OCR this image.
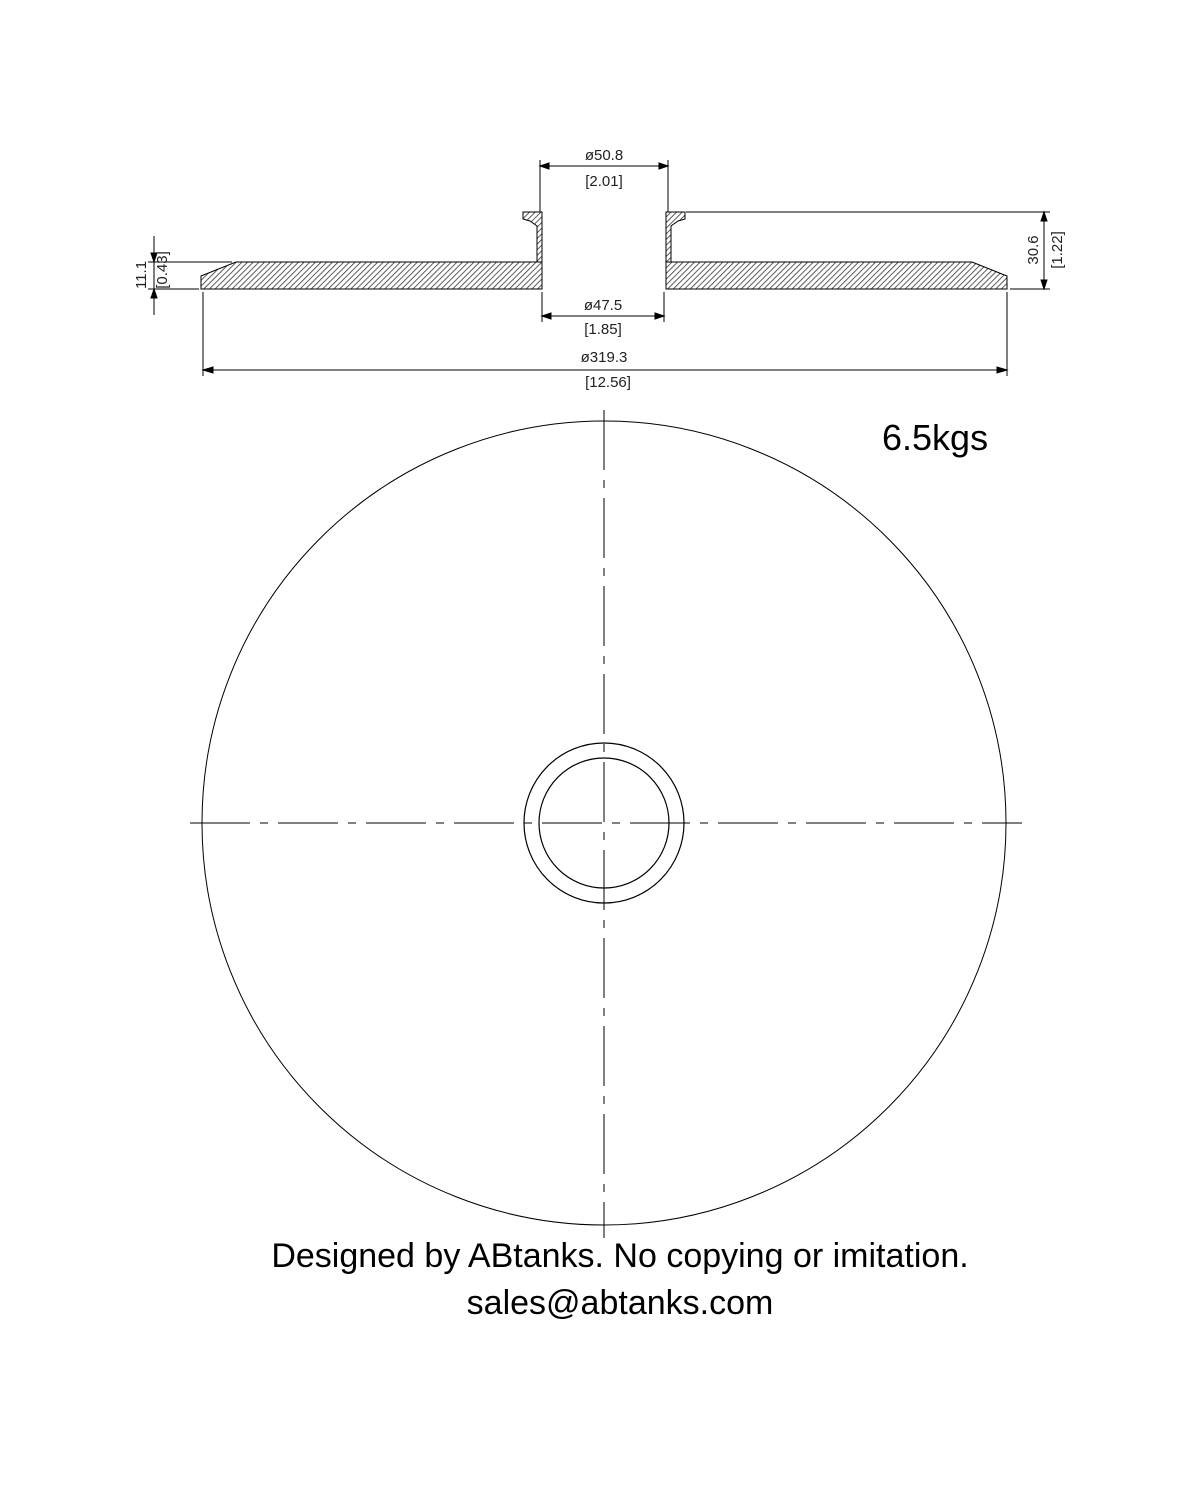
ø50.8
[2.01]
ø47.5
[1.85]
ø319.3
[12.56]
11.1 [0.43]
30.6 [1.22]
6.5kgs
Designed by ABtanks. No copying or imitation.
sales@abtanks.com
